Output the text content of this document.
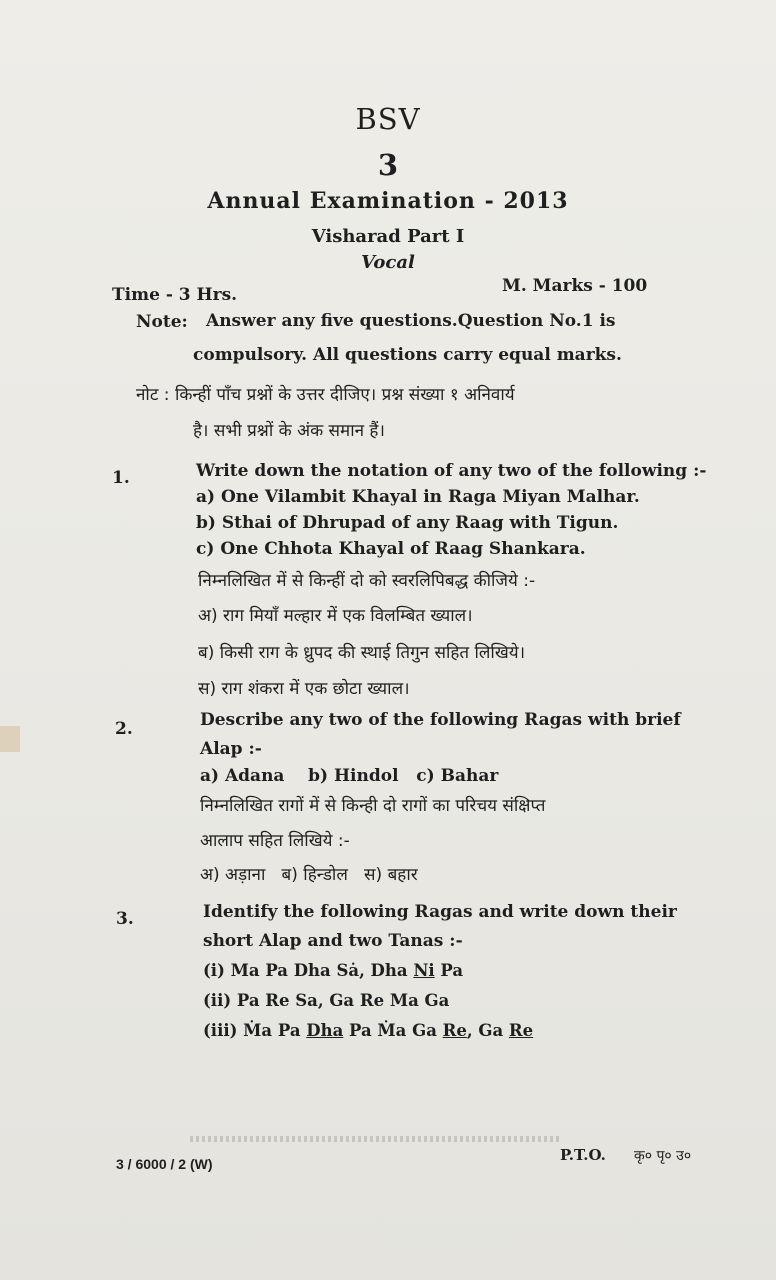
BSV

3

Annual Examination - 2013

Visharad Part I

Vocal

Time - 3 Hrs.	M. Marks - 100

Note: Answer any five questions.Question No.1 is

compulsory. All questions carry equal marks.

नोट : किन्हीं पाँच प्रश्नों के उत्तर दीजिए। प्रश्न संख्या १ अनिवार्य

है। सभी प्रश्नों के अंक समान हैं।

1.	Write down the notation of any two of the following :-

a) One Vilambit Khayal in Raga Miyan Malhar.

b) Sthai of Dhrupad of any Raag with Tigun.

c) One Chhota Khayal of Raag Shankara.

निम्नलिखित में से किन्हीं दो को स्वरलिपिबद्ध कीजिये :-

अ) राग मियाँ मल्हार में एक विलम्बित ख्याल।

ब) किसी राग के ध्रुपद की स्थाई तिगुन सहित लिखिये।

स) राग शंकरा में एक छोटा ख्याल।

2.	Describe any two of the following Ragas with brief

Alap :-

a) Adana    b) Hindol   c) Bahar

निम्नलिखित रागों में से किन्ही दो रागों का परिचय संक्षिप्त

आलाप सहित लिखिये :-

अ) अड़ाना   ब) हिन्डोल   स) बहार

3.	Identify the following Ragas and write down their

short Alap and two Tanas :-

(i) Ma Pa Dha Sȧ, Dha Ni Pa

(ii) Pa Re Sa, Ga Re Ma Ga

(iii) Ṁa Pa Dha Pa Ṁa Ga Re, Ga Re

3 / 6000 / 2 (W)	P.T.O. कृ० पृ० उ०
